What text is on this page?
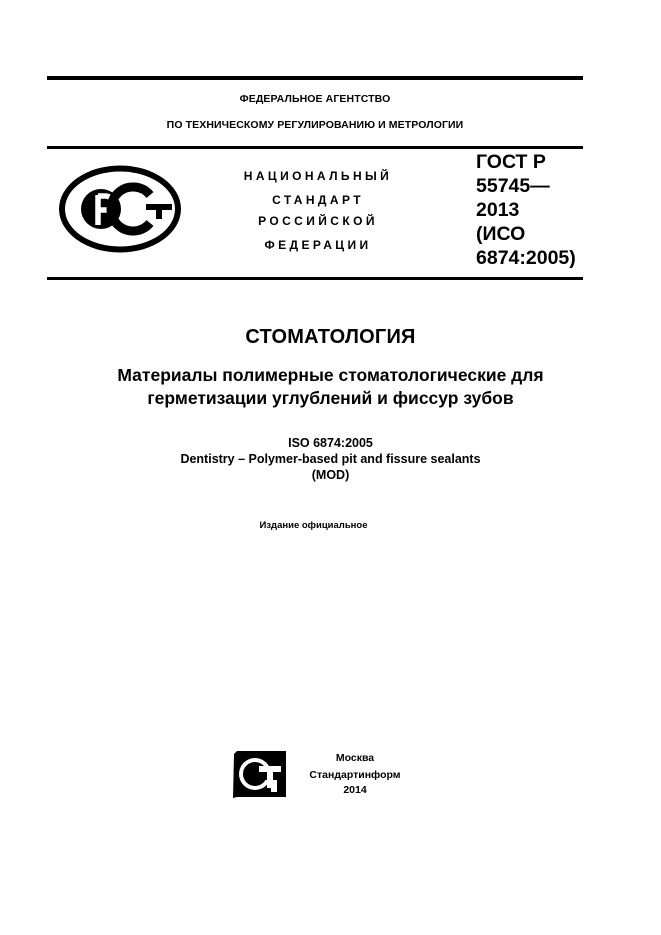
ФЕДЕРАЛЬНОЕ АГЕНТСТВО
ПО ТЕХНИЧЕСКОМУ РЕГУЛИРОВАНИЮ И МЕТРОЛОГИИ
НАЦИОНАЛЬНЫЙ
СТАНДАРТ
РОССИЙСКОЙ
ФЕДЕРАЦИИ
ГОСТ Р
55745—
2013
(ИСО
6874:2005)
СТОМАТОЛОГИЯ
Материалы полимерные стоматологические для
герметизации углублений и фиссур зубов
ISO 6874:2005
Dentistry – Polymer-based pit and fissure sealants
(MOD)
Издание официальное
Москва
Стандартинформ
2014
